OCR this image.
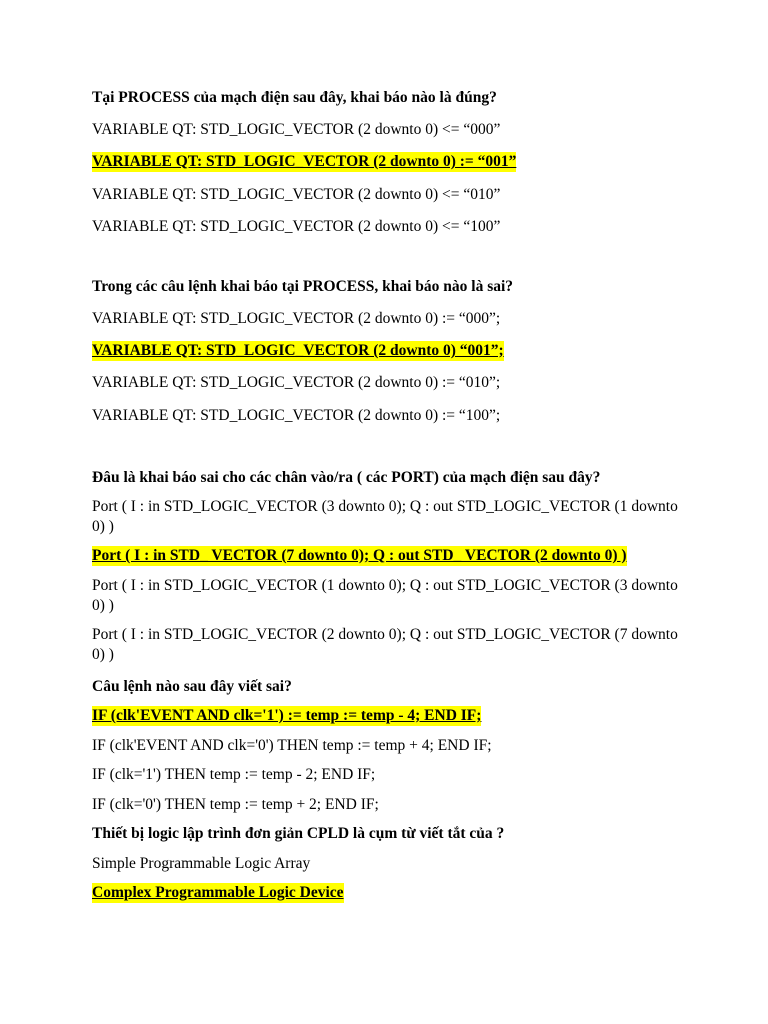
Tại PROCESS của mạch điện sau đây, khai báo nào là đúng?
VARIABLE QT: STD_LOGIC_VECTOR (2 downto 0) <= “000”
VARIABLE QT: STD_LOGIC_VECTOR (2 downto 0) := “001”
VARIABLE QT: STD_LOGIC_VECTOR (2 downto 0) <= “010”
VARIABLE QT: STD_LOGIC_VECTOR (2 downto 0) <= “100”
Trong các câu lệnh khai báo tại PROCESS, khai báo nào là sai?
VARIABLE QT: STD_LOGIC_VECTOR (2 downto 0) := “000”;
VARIABLE QT: STD_LOGIC_VECTOR (2 downto 0) “001”;
VARIABLE QT: STD_LOGIC_VECTOR (2 downto 0) := “010”;
VARIABLE QT: STD_LOGIC_VECTOR (2 downto 0) := “100”;
Đâu là khai báo sai cho các chân vào/ra ( các PORT) của mạch điện sau đây?
Port ( I : in STD_LOGIC_VECTOR (3 downto 0); Q : out STD_LOGIC_VECTOR (1 downto 0) )
Port ( I : in STD_ VECTOR (7 downto 0); Q : out STD_ VECTOR (2 downto 0) )
Port ( I : in STD_LOGIC_VECTOR (1 downto 0); Q : out STD_LOGIC_VECTOR (3 downto 0) )
Port ( I : in STD_LOGIC_VECTOR (2 downto 0); Q : out STD_LOGIC_VECTOR (7 downto 0) )
Câu lệnh nào sau đây viết sai?
IF (clk'EVENT AND clk='1') := temp := temp - 4; END IF;
IF (clk'EVENT AND clk='0') THEN temp := temp + 4; END IF;
IF (clk='1') THEN temp := temp - 2; END IF;
IF (clk='0') THEN temp := temp + 2; END IF;
Thiết bị logic lập trình đơn giản CPLD là cụm từ viết tắt của ?
Simple Programmable Logic Array
Complex Programmable Logic Device
